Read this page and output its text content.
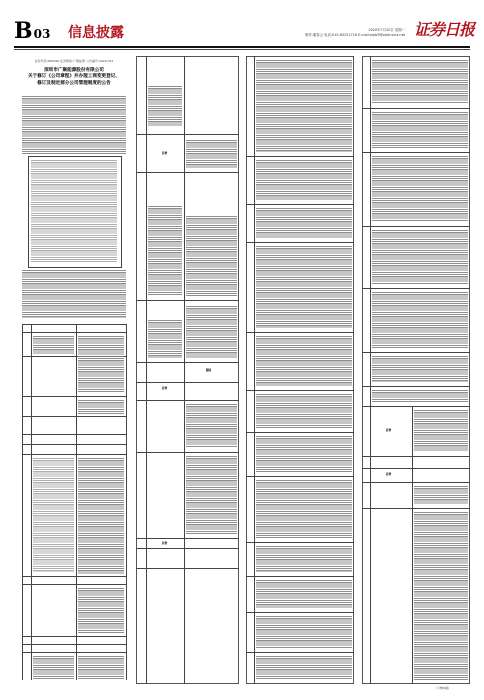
B03 信息披露	2020年7月20日 星期一
制作:董春云 电话:010-83251716 E-mail:zqrb9@zqrb.sina.net 证券日报
证券代码:000096 证券简称:广聚能源 公告编号:2020-021
深圳市广聚能源股份有限公司
关于修订《公司章程》并办理工商变更登记、
修订及制定部分公司管理制度的公告
新增
删除
新增
新增
新增
新增
(下转B4版)
